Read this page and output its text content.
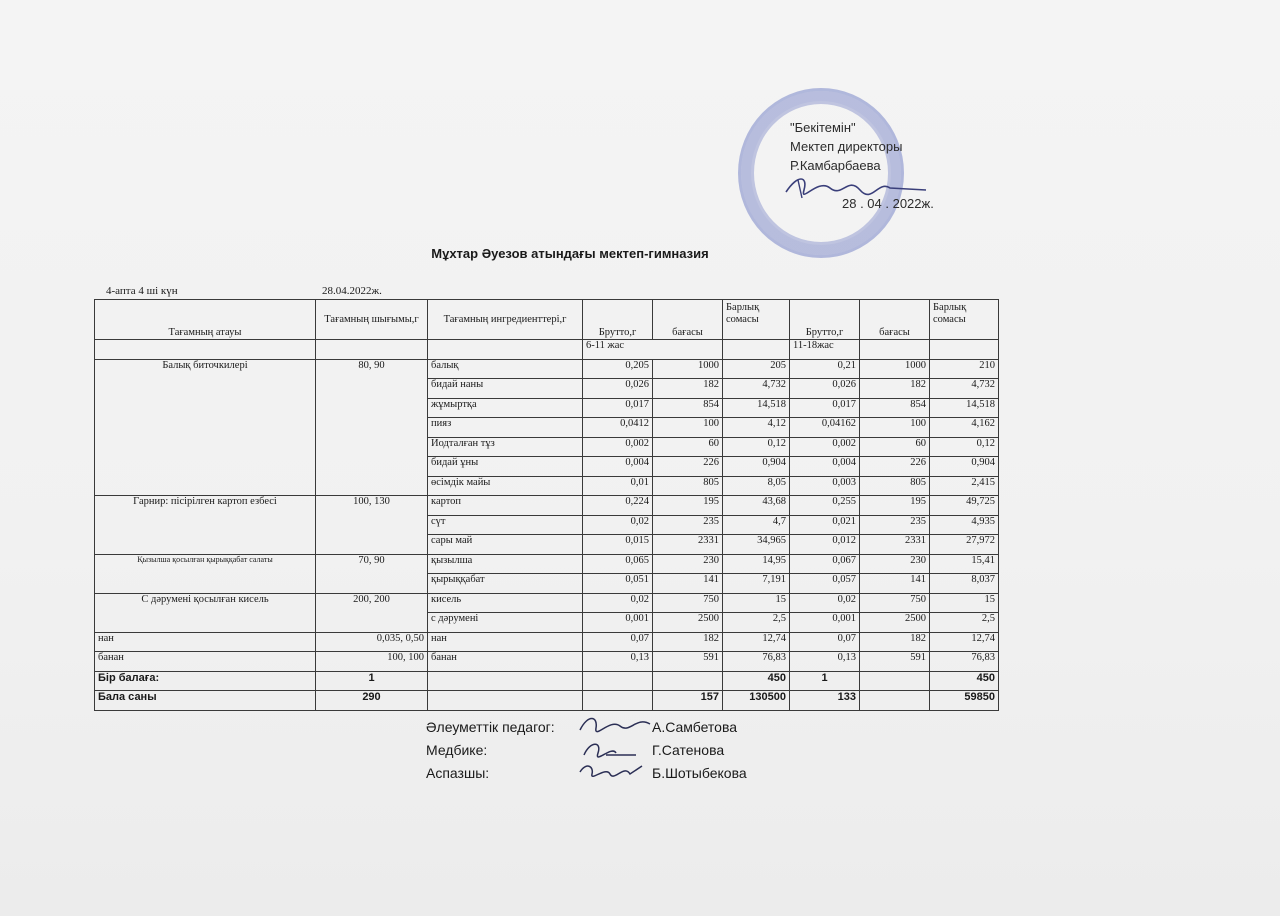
"Бекітемін"
Мектеп директоры
Р.Камбарбаева
28 . 04 . 2022ж.
Мұхтар Әуезов атындағы мектеп-гимназия
4-апта 4 ші күн	28.04.2022ж.
Тағамның атауы	Тағамның шығымы,г	Тағамның ингредиенттері,г	Брутто,г	бағасы	Барлық сомасы	Брутто,г	бағасы	Барлық сомасы
			6-11 жас			11-18жас		
Балық биточкилері	80, 90	балық	0,205	1000	205	0,21	1000	210
		бидай наны	0,026	182	4,732	0,026	182	4,732
		жұмыртқа	0,017	854	14,518	0,017	854	14,518
		пияз	0,0412	100	4,12	0,04162	100	4,162
		Иодталған тұз	0,002	60	0,12	0,002	60	0,12
		бидай ұны	0,004	226	0,904	0,004	226	0,904
		өсімдік майы	0,01	805	8,05	0,003	805	2,415
Гарнир: пісірілген картоп езбесі	100, 130	картоп	0,224	195	43,68	0,255	195	49,725
		сүт	0,02	235	4,7	0,021	235	4,935
		сары май	0,015	2331	34,965	0,012	2331	27,972
Қызылша қосылған қырыққабат салаты	70, 90	қызылша	0,065	230	14,95	0,067	230	15,41
		қырыққабат	0,051	141	7,191	0,057	141	8,037
С дәрумені қосылған кисель	200, 200	кисель	0,02	750	15	0,02	750	15
		с дәрумені	0,001	2500	2,5	0,001	2500	2,5
нан	0,035, 0,50	нан	0,07	182	12,74	0,07	182	12,74
банан	100, 100	банан	0,13	591	76,83	0,13	591	76,83
Бір балаға:	1				450	1		450
Бала саны	290			157	130500	133		59850
Әлеуметтік педагог:	А.Самбетова
Медбике:	Г.Сатенова
Аспазшы:	Б.Шотыбекова
